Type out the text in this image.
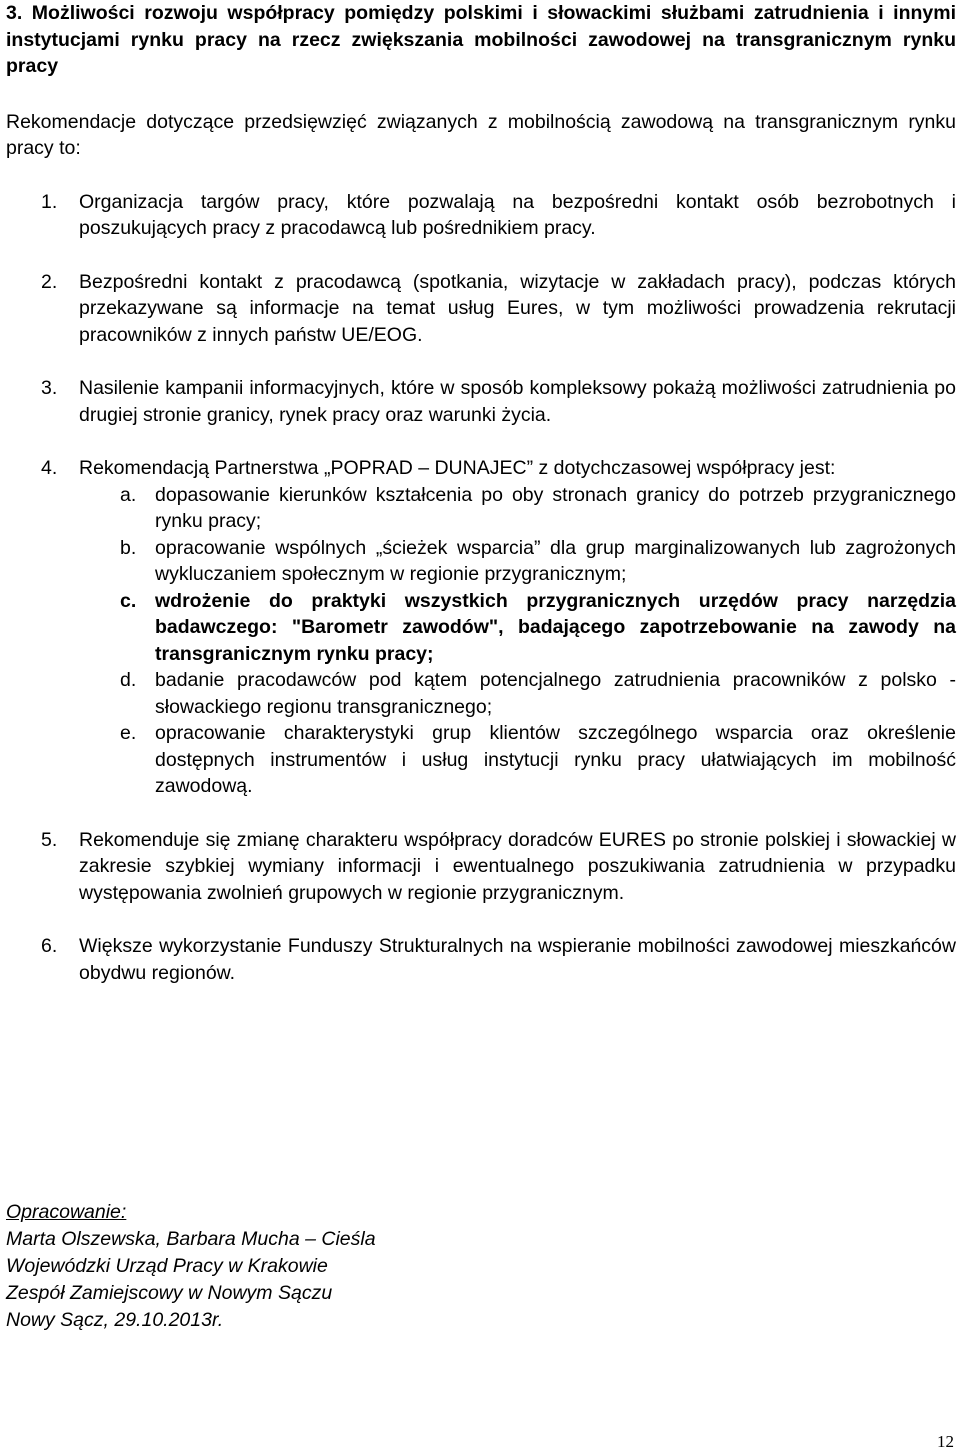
3. Możliwości rozwoju współpracy pomiędzy polskimi i słowackimi służbami zatrudnienia i innymi instytucjami rynku pracy na rzecz zwiększania mobilności zawodowej na transgranicznym rynku pracy

Rekomendacje dotyczące przedsięwzięć związanych z mobilnością zawodową na transgranicznym rynku pracy to:

1. Organizacja targów pracy, które pozwalają na bezpośredni kontakt osób bezrobotnych i poszukujących pracy z pracodawcą lub pośrednikiem pracy.
2. Bezpośredni kontakt z pracodawcą (spotkania, wizytacje w zakładach pracy), podczas których przekazywane są informacje na temat usług Eures, w tym możliwości prowadzenia rekrutacji pracowników z innych państw UE/EOG.
3. Nasilenie kampanii informacyjnych, które w sposób kompleksowy pokażą możliwości zatrudnienia po drugiej stronie granicy, rynek pracy oraz warunki życia.
4. Rekomendacją Partnerstwa „POPRAD – DUNAJEC” z dotychczasowej współpracy jest:
a. dopasowanie kierunków kształcenia po oby stronach granicy do potrzeb przygranicznego rynku pracy;
b. opracowanie wspólnych „ścieżek wsparcia” dla grup marginalizowanych lub zagrożonych wykluczaniem społecznym w regionie przygranicznym;
c. wdrożenie do praktyki wszystkich przygranicznych urzędów pracy narzędzia badawczego: "Barometr zawodów", badającego zapotrzebowanie na zawody na transgranicznym rynku pracy;
d. badanie pracodawców pod kątem potencjalnego zatrudnienia pracowników z polsko - słowackiego regionu transgranicznego;
e. opracowanie charakterystyki grup klientów szczególnego wsparcia oraz określenie dostępnych instrumentów i usług instytucji rynku pracy ułatwiających im mobilność zawodową.
5. Rekomenduje się zmianę charakteru współpracy doradców EURES po stronie polskiej i słowackiej w zakresie szybkiej wymiany informacji i ewentualnego poszukiwania zatrudnienia w przypadku występowania zwolnień grupowych w regionie przygranicznym.
6. Większe wykorzystanie Funduszy Strukturalnych na wspieranie mobilności zawodowej mieszkańców obydwu regionów.
Opracowanie:
Marta Olszewska, Barbara Mucha – Cieśla
Wojewódzki Urząd Pracy w Krakowie
Zespół Zamiejscowy w Nowym Sączu
Nowy Sącz, 29.10.2013r.
12
